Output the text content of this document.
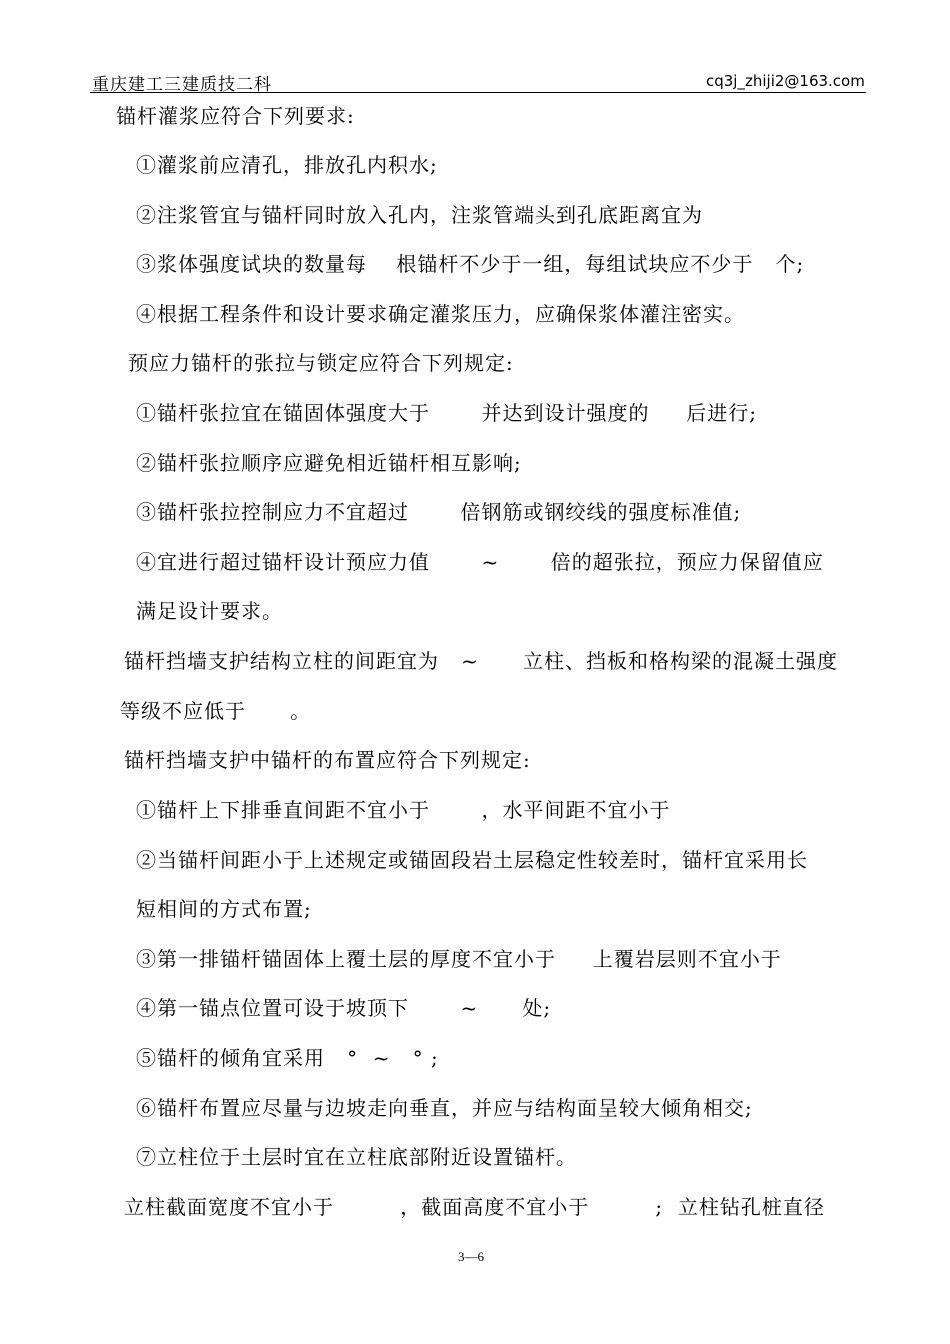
重庆建工三建质技二科	cq3j_zhiji2@163.com
锚杆灌浆应符合下列要求:
①灌浆前应清孔，排放孔内积水;
②注浆管宜与锚杆同时放入孔内，注浆管端头到孔底距离宜为
③浆体强度试块的数量每    根锚杆不少于一组，每组试块应不少于   个;
④根据工程条件和设计要求确定灌浆压力，应确保浆体灌注密实。
预应力锚杆的张拉与锁定应符合下列规定:
①锚杆张拉宜在锚固体强度大于       并达到设计强度的     后进行;
②锚杆张拉顺序应避免相近锚杆相互影响;
③锚杆张拉控制应力不宜超过       倍钢筋或钢绞线的强度标准值;
④宜进行超过锚杆设计预应力值       ~       倍的超张拉，预应力保留值应
满足设计要求。
锚杆挡墙支护结构立柱的间距宜为   ~      立柱、挡板和格构梁的混凝土强度
等级不应低于      。
锚杆挡墙支护中锚杆的布置应符合下列规定:
①锚杆上下排垂直间距不宜小于       ，水平间距不宜小于
②当锚杆间距小于上述规定或锚固段岩土层稳定性较差时，锚杆宜采用长
短相间的方式布置;
③第一排锚杆锚固体上覆土层的厚度不宜小于     上覆岩层则不宜小于
④第一锚点位置可设于坡顶下       ~      处;
⑤锚杆的倾角宜采用   °  ~   ° ;
⑥锚杆布置应尽量与边坡走向垂直，并应与结构面呈较大倾角相交;
⑦立柱位于土层时宜在立柱底部附近设置锚杆。
立柱截面宽度不宜小于         ，截面高度不宜小于         ;  立柱钻孔桩直径
3—6
